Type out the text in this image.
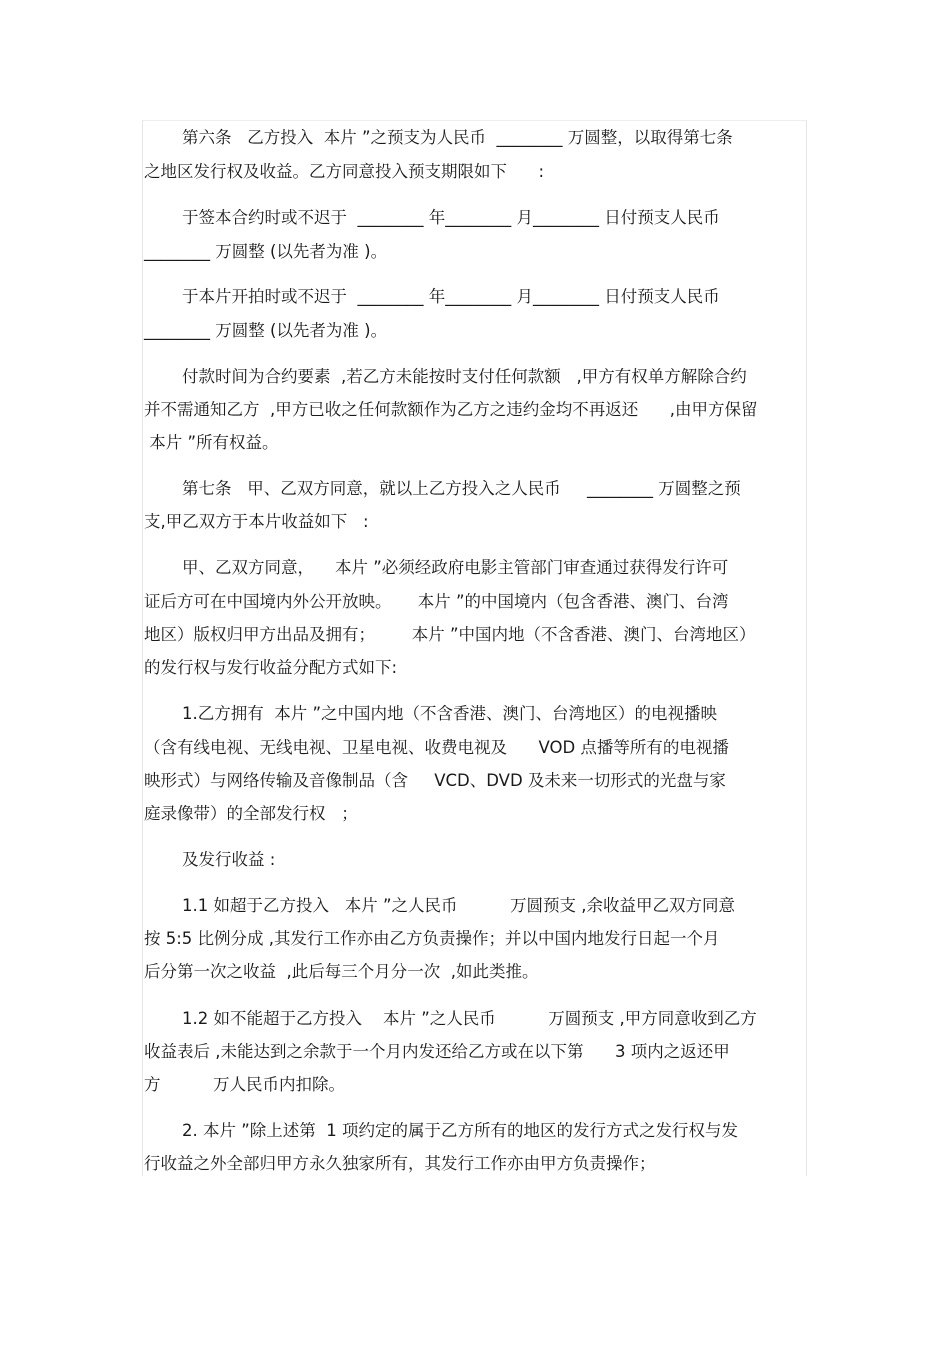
第六条   乙方投入  本片 ”之预支为人民币  ________ 万圆整，以取得第七条
之地区发行权及收益。乙方同意投入预支期限如下      :
于签本合约时或不迟于  ________ 年________ 月________ 日付预支人民币
________ 万圆整 (以先者为准 )。
于本片开拍时或不迟于  ________ 年________ 月________ 日付预支人民币
________ 万圆整 (以先者为准 )。
付款时间为合约要素  ,若乙方未能按时支付任何款额   ,甲方有权单方解除合约
并不需通知乙方  ,甲方已收之任何款额作为乙方之违约金均不再返还      ,由甲方保留
本片 ”所有权益。
第七条   甲、乙双方同意，就以上乙方投入之人民币     ________ 万圆整之预
支,甲乙双方于本片收益如下   :
甲、乙双方同意，    本片 ”必须经政府电影主管部门审查通过获得发行许可
证后方可在中国境内外公开放映。     本片 ”的中国境内（包含香港、澳门、台湾
地区）版权归甲方出品及拥有；       本片 ”中国内地（不含香港、澳门、台湾地区）
的发行权与发行收益分配方式如下:
1.乙方拥有  本片 ”之中国内地（不含香港、澳门、台湾地区）的电视播映
（含有线电视、无线电视、卫星电视、收费电视及      VOD 点播等所有的电视播
映形式）与网络传输及音像制品（含     VCD、DVD 及未来一切形式的光盘与家
庭录像带）的全部发行权   ；
及发行收益 :
1.1 如超于乙方投入   本片 ”之人民币          万圆预支 ,余收益甲乙双方同意
按 5:5 比例分成 ,其发行工作亦由乙方负责操作；并以中国内地发行日起一个月
后分第一次之收益  ,此后每三个月分一次  ,如此类推。
1.2 如不能超于乙方投入    本片 ”之人民币          万圆预支 ,甲方同意收到乙方
收益表后 ,未能达到之余款于一个月内发还给乙方或在以下第      3 项内之返还甲
方          万人民币内扣除。
2. 本片 ”除上述第  1 项约定的属于乙方所有的地区的发行方式之发行权与发
行收益之外全部归甲方永久独家所有，其发行工作亦由甲方负责操作；
